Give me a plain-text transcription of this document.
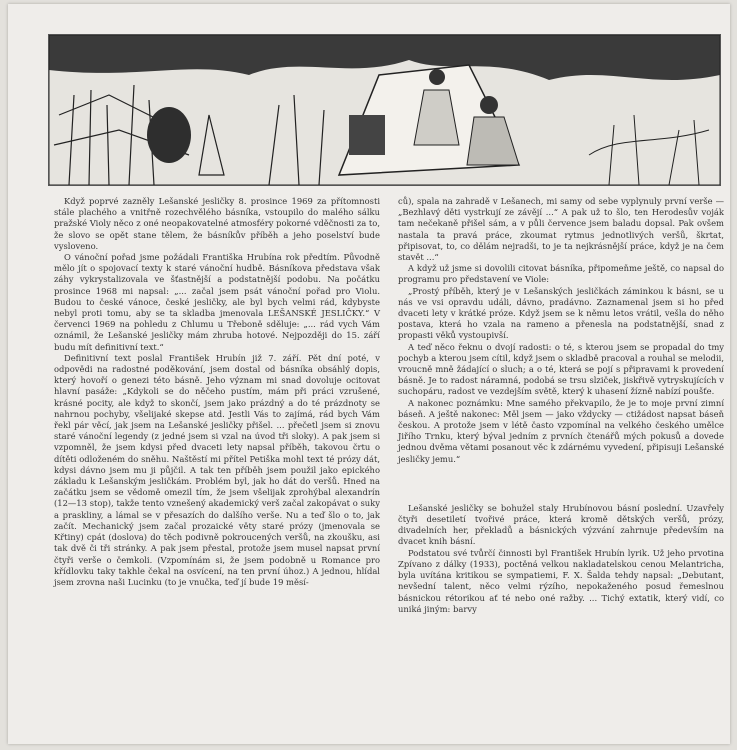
Když poprvé zazněly Lešanské jesličky 8. prosince 1969 za přítomnosti stále plachého a vnitřně rozechvělého básníka, vstoupilo do malého sálku pražské Violy něco z oné neopakovatelné atmosféry pokorné vděčnosti za to, že slovo se opět stane tělem, že básníkův příběh a jeho poselství bude vysloveno.

O vánoční pořad jsme požádali Františka Hrubína rok předtím. Původně mělo jít o spojovací texty k staré vánoční hudbě. Básníkova představa však záhy vykrystalizovala ve šťastnější a podstatnější podobu. Na počátku prosince 1968 mi napsal: „... začal jsem psát vánoční pořad pro Violu. Budou to české vánoce, české jesličky, ale byl bych velmi rád, kdybyste nebyl proti tomu, aby se ta skladba jmenovala LEŠANSKÉ JESLIČKY.“ V červenci 1969 na pohledu z Chlumu u Třeboně sděluje: „... rád vych Vám oznámil, že Lešanské jesličky mám zhruba hotové. Nejpozději do 15. září budu mít definitivní text.“

Definitivní text poslal František Hrubín již 7. září. Pět dní poté, v odpovědi na radostné poděkování, jsem dostal od básníka obsáhlý dopis, který hovoří o genezi této básně. Jeho význam mi snad dovoluje ocitovat hlavní pasáže: „Kdykoli se do něčeho pustím, mám při práci vzrušené, krásné pocity, ale když to skončí, jsem jako prázdný a do té prázdnoty se nahrnou pochyby, všelijaké skepse atd. Jestli Vás to zajímá, rád bych Vám řekl pár věcí, jak jsem na Lešanské jesličky přišel. ... přečetl jsem si znovu staré vánoční legendy (z jedné jsem si vzal na úvod tři sloky). A pak jsem si vzpomněl, že jsem kdysi před dvaceti lety napsal příběh, takovou črtu o dítěti odloženém do sněhu. Naštěstí mi přítel Petiška mohl text té prózy dát, kdysi dávno jsem mu ji půjčil. A tak ten příběh jsem použil jako epického základu k Lešanským jesličkám. Problém byl, jak ho dát do veršů. Hned na začátku jsem se vědomě omezil tím, že jsem všelijak zprohýbal alexandrín (12—13 stop), takže tento vznešený akademický verš začal zakopávat o suky a praskliny, a lámal se v přesazích do dalšího verše. Nu a teď šlo o to, jak začít. Mechanický jsem začal prozaické věty staré prózy (jmenovala se Křtiny) cpát (doslova) do těch podivně pokroucených veršů, na zkoušku, asi tak dvě či tři stránky. A pak jsem přestal, protože jsem musel napsat první čtyři verše o čemkoli. (Vzpomínám si, že jsem podobně u Romance pro křídlovku taky takhle čekal na osvícení, na ten první úhoz.) A jednou, hlídal jsem zrovna naši Lucinku (to je vnučka, teď jí bude 19 měsí-

ců), spala na zahradě v Lešanech, mi samy od sebe vyplynuly první verše — „Bezhlavý děti vystrkují ze závějí ...“ A pak už to šlo, ten Herodesův voják tam nečekaně přišel sám, a v půli července jsem baladu dopsal. Pak ovšem nastala ta pravá práce, zkoumat rytmus jednotlivých veršů, škrtat, připisovat, to, co dělám nejradši, to je ta nejkrásnější práce, když je na čem stavět ...“

A když už jsme si dovolili citovat básníka, připomeňme ještě, co napsal do programu pro představení ve Viole:

„Prostý příběh, který je v Lešanských jesličkách záminkou k básni, se u nás ve vsi opravdu událi, dávno, pradávno. Zaznamenal jsem si ho před dvaceti lety v krátké próze. Když jsem se k němu letos vrátil, vešla do něho postava, která ho vzala na rameno a přenesla na podstatnější, snad z propasti věků vystoupivší.

A teď něco řeknu o dvojí radosti: o té, s kterou jsem se propadal do tmy pochyb a kterou jsem cítil, když jsem o skladbě pracoval a rouhal se melodii, vroucně mně žádající o sluch; a o té, která se pojí s připravami k provedení básně. Je to radost náramná, podobá se trsu slziček, jiskřivě vytryskujících v suchopáru, radost ve vezdejším světě, který k uhasení žízně nabízí poušťe.

A nakonec poznámku: Mne samého překvapilo, že je to moje první zimní báseň. A ještě nakonec: Měl jsem — jako vždycky — ctižádost napsat báseň českou. A protože jsem v létě často vzpomínal na velkého českého umělce Jiřího Trnku, který býval jedním z prvních čtenářů mých pokusů a dovede jednou dvěma větami posanout věc k zdárnému vyvedení, připisuji Lešanské jesličky jemu.“

Lešanské jesličky se bohužel staly Hrubínovou básní poslední. Uzavřely čtyři desetiletí tvořivé práce, která kromě dětských veršů, prózy, divadelních her, překladů a básnických výzvání zahrnuje především na dvacet knih básní.

Podstatou své tvůrčí činnosti byl František Hrubín lyrik. Už jeho prvotina Zpívano z dálky (1933), poctěná velkou nakladatelskou cenou Melantricha, byla uvítána kritikou se sympatiemi, F. X. Šalda tehdy napsal: „Debutant, nevšední talent, něco velmi rýzího, nepokaženého posud řemeslnou básnickou rétorikou ať té nebo oné ražby. ... Tichý extatik, který vidí, co uniká jiným: barvy
